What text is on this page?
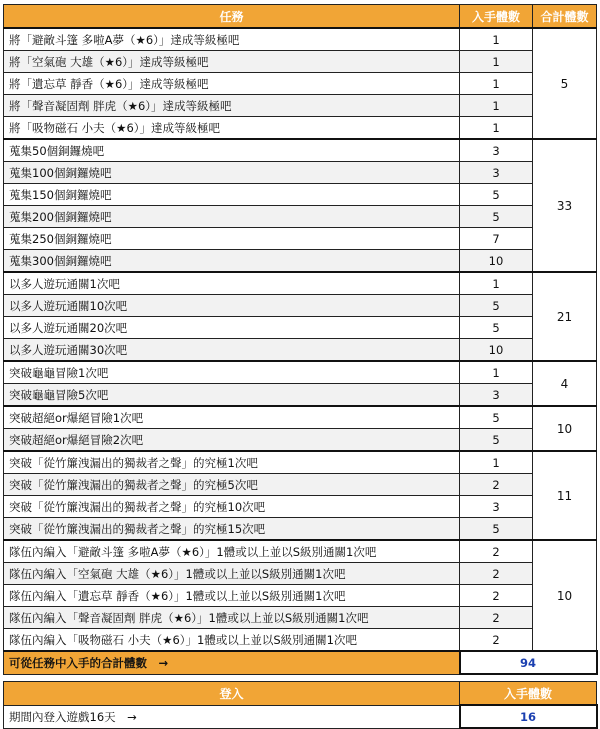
任務	入手體數	合計體數
將「避敵斗篷 多啦A夢（★6）」達成等級極吧	1	5
將「空氣砲 大雄（★6）」達成等級極吧	1	
將「遺忘草 靜香（★6）」達成等級極吧	1	
將「聲音凝固劑 胖虎（★6）」達成等級極吧	1	
將「吸物磁石 小夫（★6）」達成等級極吧	1	
蒐集50個銅鑼燒吧	3	33
蒐集100個銅鑼燒吧	3	
蒐集150個銅鑼燒吧	5	
蒐集200個銅鑼燒吧	5	
蒐集250個銅鑼燒吧	7	
蒐集300個銅鑼燒吧	10	
以多人遊玩通關1次吧	1	21
以多人遊玩通關10次吧	5	
以多人遊玩通關20次吧	5	
以多人遊玩通關30次吧	10	
突破龜龜冒險1次吧	1	4
突破龜龜冒險5次吧	3	
突破超絕or爆絕冒險1次吧	5	10
突破超絕or爆絕冒險2次吧	5	
突破「從竹簾洩漏出的獨裁者之聲」的究極1次吧	1	11
突破「從竹簾洩漏出的獨裁者之聲」的究極5次吧	2	
突破「從竹簾洩漏出的獨裁者之聲」的究極10次吧	3	
突破「從竹簾洩漏出的獨裁者之聲」的究極15次吧	5	
隊伍內編入「避敵斗篷 多啦A夢（★6）」1體或以上並以S級別通關1次吧	2	10
隊伍內編入「空氣砲 大雄（★6）」1體或以上並以S級別通關1次吧	2	
隊伍內編入「遺忘草 靜香（★6）」1體或以上並以S級別通關1次吧	2	
隊伍內編入「聲音凝固劑 胖虎（★6）」1體或以上並以S級別通關1次吧	2	
隊伍內編入「吸物磁石 小夫（★6）」1體或以上並以S級別通關1次吧	2	
可從任務中入手的合計體數　→	94	

登入	入手體數	
期間內登入遊戲16天　→	16	
